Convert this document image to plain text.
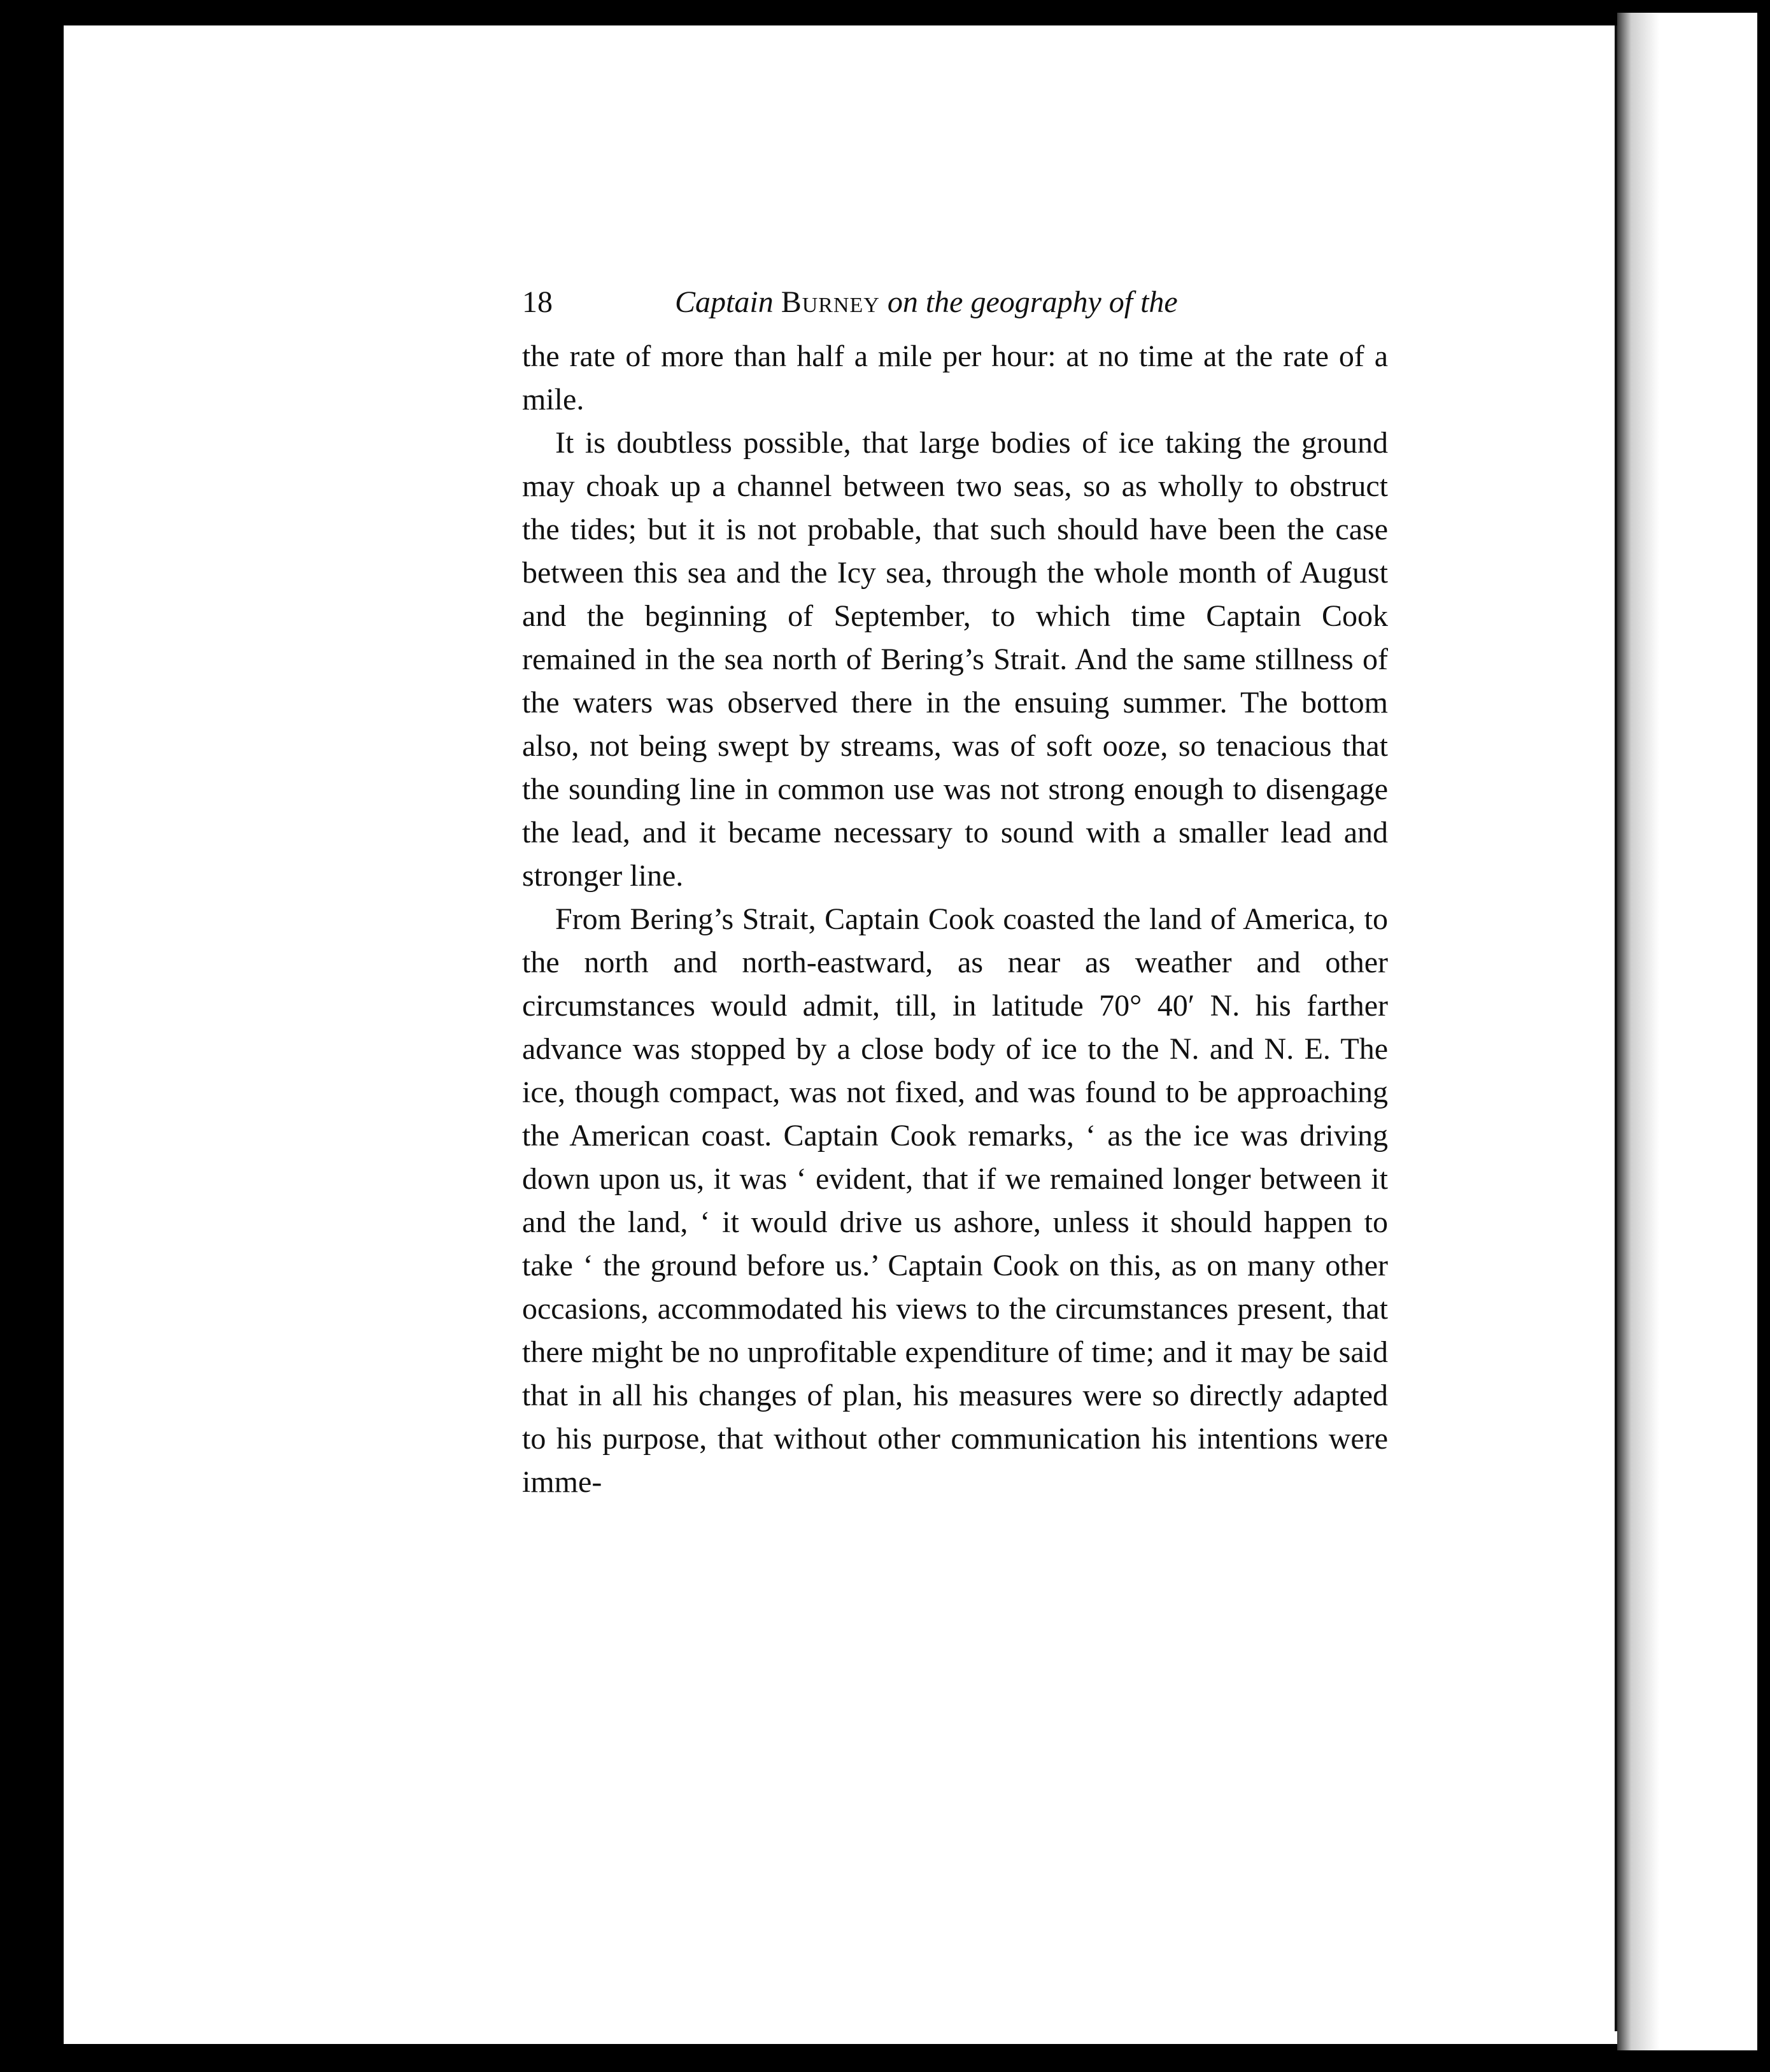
18	Captain Burney on the geography of the

the rate of more than half a mile per hour: at no time at the rate of a mile.

It is doubtless possible, that large bodies of ice taking the ground may choak up a channel between two seas, so as wholly to obstruct the tides; but it is not probable, that such should have been the case between this sea and the Icy sea, through the whole month of August and the beginning of September, to which time Captain Cook remained in the sea north of Bering’s Strait. And the same stillness of the waters was observed there in the ensuing summer. The bottom also, not being swept by streams, was of soft ooze, so tenacious that the sounding line in common use was not strong enough to disengage the lead, and it became necessary to sound with a smaller lead and stronger line.

From Bering’s Strait, Captain Cook coasted the land of America, to the north and north-eastward, as near as weather and other circumstances would admit, till, in latitude 70° 40′ N. his farther advance was stopped by a close body of ice to the N. and N. E. The ice, though compact, was not fixed, and was found to be approaching the American coast. Captain Cook remarks, ‘ as the ice was driving down upon us, it was ‘ evident, that if we remained longer between it and the land, ‘ it would drive us ashore, unless it should happen to take ‘ the ground before us.’ Captain Cook on this, as on many other occasions, accommodated his views to the circumstances present, that there might be no unprofitable expenditure of time; and it may be said that in all his changes of plan, his measures were so directly adapted to his purpose, that without other communication his intentions were imme-
